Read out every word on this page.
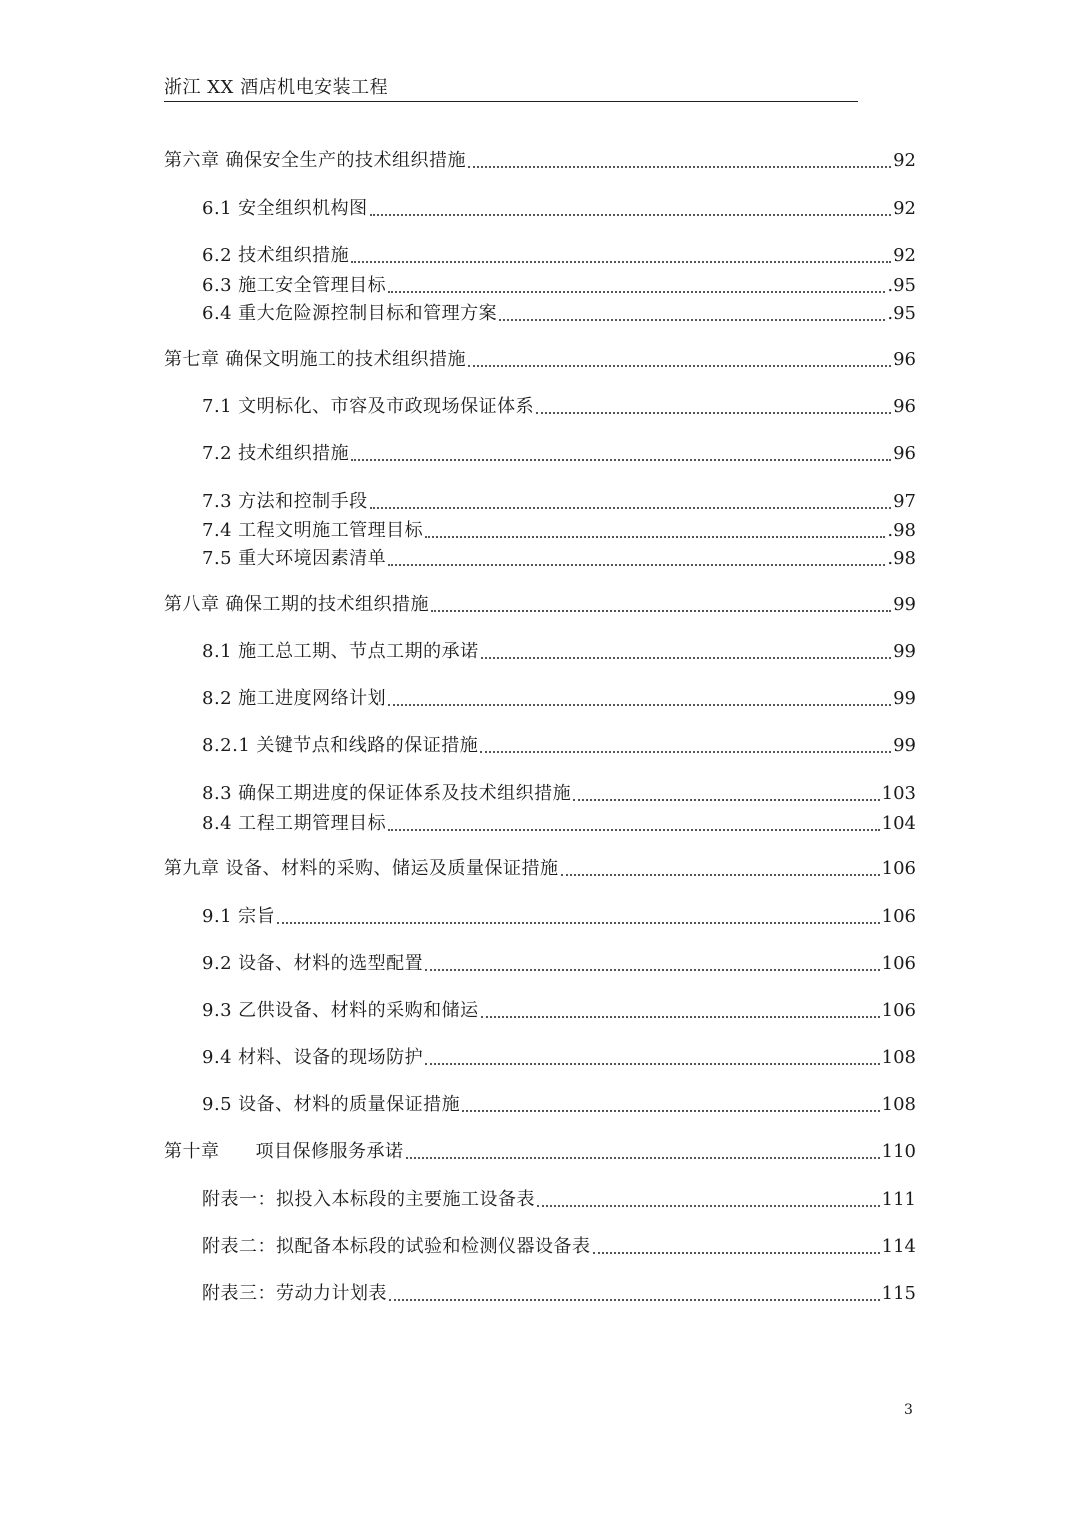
浙江 XX 酒店机电安装工程
第六章 确保安全生产的技术组织措施	92
6.1 安全组织机构图	92
6.2 技术组织措施	92
6.3 施工安全管理目标	.95
6.4 重大危险源控制目标和管理方案	.95
第七章 确保文明施工的技术组织措施	96
7.1 文明标化、市容及市政现场保证体系	96
7.2 技术组织措施	96
7.3 方法和控制手段	97
7.4 工程文明施工管理目标	.98
7.5 重大环境因素清单	.98
第八章 确保工期的技术组织措施	99
8.1 施工总工期、节点工期的承诺	99
8.2 施工进度网络计划	99
8.2.1 关键节点和线路的保证措施	99
8.3 确保工期进度的保证体系及技术组织措施	103
8.4 工程工期管理目标	104
第九章 设备、材料的采购、储运及质量保证措施	106
9.1 宗旨	106
9.2 设备、材料的选型配置	106
9.3 乙供设备、材料的采购和储运	106
9.4 材料、设备的现场防护	108
9.5 设备、材料的质量保证措施	108
第十章 项目保修服务承诺	110
附表一：拟投入本标段的主要施工设备表	111
附表二：拟配备本标段的试验和检测仪器设备表	114
附表三：劳动力计划表	115
3
